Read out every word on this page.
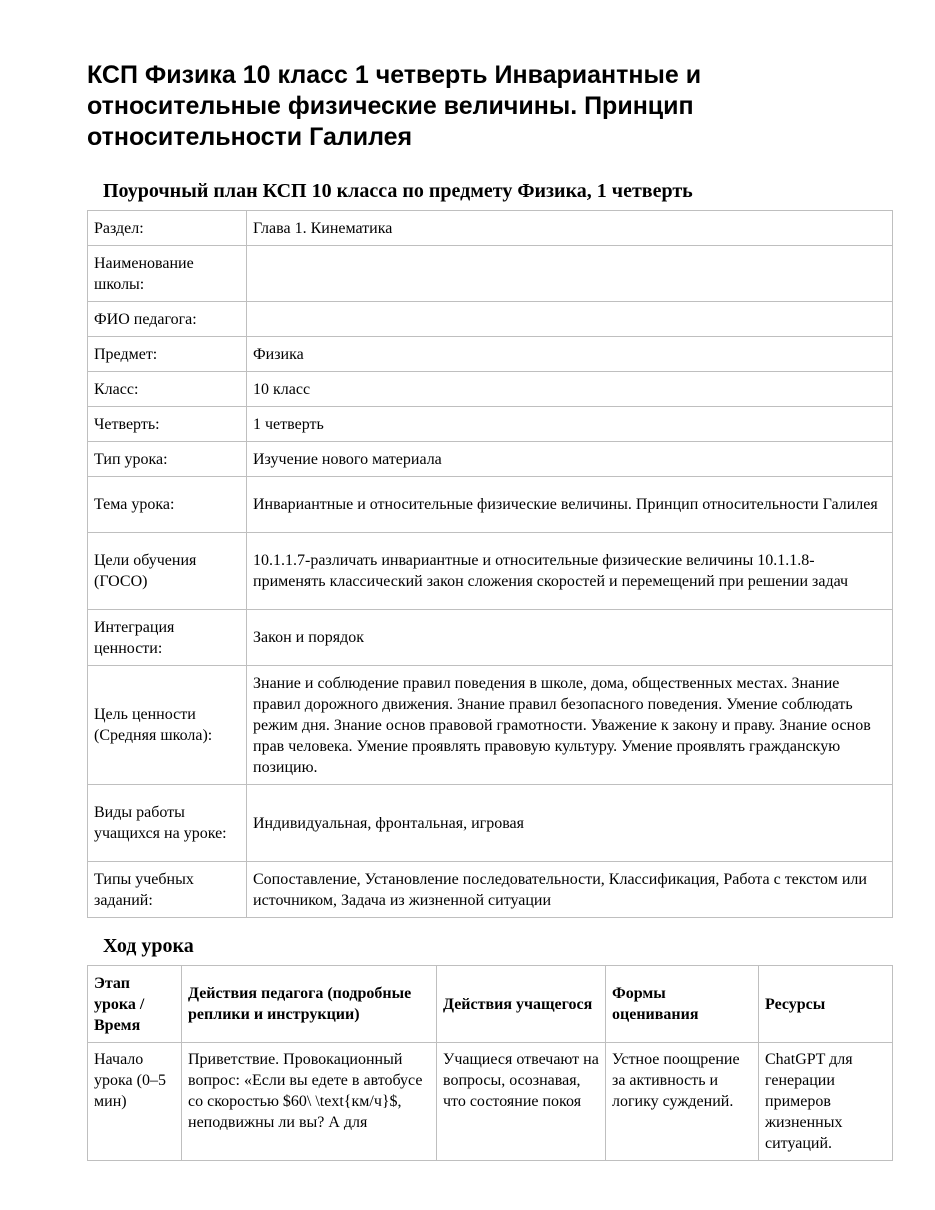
КСП Физика 10 класс 1 четверть Инвариантные и относительные физические величины. Принцип относительности Галилея
Поурочный план КСП 10 класса по предмету Физика, 1 четверть
Раздел:	Глава 1. Кинематика
Наименование школы:	
ФИО педагога:	
Предмет:	Физика
Класс:	10 класс
Четверть:	1 четверть
Тип урока:	Изучение нового материала
Тема урока:	Инвариантные и относительные физические величины. Принцип относительности Галилея
Цели обучения (ГОСО)	10.1.1.7-различать инвариантные и относительные физические величины 10.1.1.8-применять классический закон сложения скоростей и перемещений при решении задач
Интеграция ценности:	Закон и порядок
Цель ценности (Средняя школа):	Знание и соблюдение правил поведения в школе, дома, общественных местах. Знание правил дорожного движения. Знание правил безопасного поведения. Умение соблюдать режим дня. Знание основ правовой грамотности. Уважение к закону и праву. Знание основ прав человека. Умение проявлять правовую культуру. Умение проявлять гражданскую позицию.
Виды работы учащихся на уроке:	Индивидуальная, фронтальная, игровая
Типы учебных заданий:	Сопоставление, Установление последовательности, Классификация, Работа с текстом или источником, Задача из жизненной ситуации
Ход урока
Этап урока / Время	Действия педагога (подробные реплики и инструкции)	Действия учащегося	Формы оценивания	Ресурсы
Начало урока (0–5 мин)	Приветствие. Провокационный вопрос: «Если вы едете в автобусе со скоростью $60\ \text{км/ч}$, неподвижны ли вы? А для	Учащиеся отвечают на вопросы, осознавая, что состояние покоя	Устное поощрение за активность и логику суждений.	ChatGPT для генерации примеров жизненных ситуаций.
